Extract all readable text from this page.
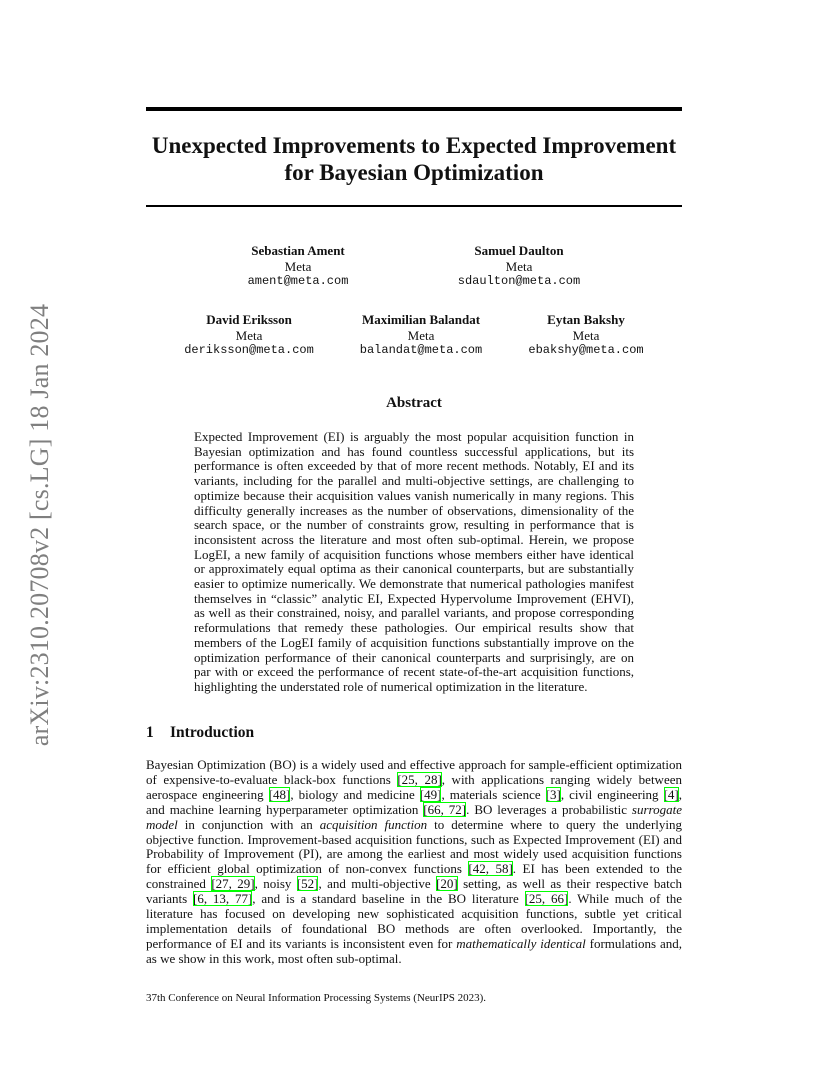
arXiv:2310.20708v2 [cs.LG] 18 Jan 2024
Unexpected Improvements to Expected Improvement
for Bayesian Optimization
Sebastian Ament
Meta
ament@meta.com
Samuel Daulton
Meta
sdaulton@meta.com
David Eriksson
Meta
deriksson@meta.com
Maximilian Balandat
Meta
balandat@meta.com
Eytan Bakshy
Meta
ebakshy@meta.com
Abstract
Expected Improvement (EI) is arguably the most popular acquisition function in Bayesian optimization and has found countless successful applications, but its performance is often exceeded by that of more recent methods. Notably, EI and its variants, including for the parallel and multi-objective settings, are challenging to optimize because their acquisition values vanish numerically in many regions. This difficulty generally increases as the number of observations, dimensionality of the search space, or the number of constraints grow, resulting in performance that is inconsistent across the literature and most often sub-optimal. Herein, we propose LogEI, a new family of acquisition functions whose members either have identical or approximately equal optima as their canonical counterparts, but are substantially easier to optimize numerically. We demonstrate that numerical pathologies manifest themselves in “classic” analytic EI, Expected Hypervolume Improvement (EHVI), as well as their constrained, noisy, and parallel variants, and propose corresponding reformulations that remedy these pathologies. Our empirical results show that members of the LogEI family of acquisition functions substantially improve on the optimization performance of their canonical counterparts and surprisingly, are on par with or exceed the performance of recent state-of-the-art acquisition functions, highlighting the understated role of numerical optimization in the literature.
1 Introduction
Bayesian Optimization (BO) is a widely used and effective approach for sample-efficient optimization of expensive-to-evaluate black-box functions [25, 28], with applications ranging widely between aerospace engineering [48], biology and medicine [49], materials science [3], civil engineering [4], and machine learning hyperparameter optimization [66, 72]. BO leverages a probabilistic surrogate model in conjunction with an acquisition function to determine where to query the underlying objective function. Improvement-based acquisition functions, such as Expected Improvement (EI) and Probability of Improvement (PI), are among the earliest and most widely used acquisition functions for efficient global optimization of non-convex functions [42, 58]. EI has been extended to the constrained [27, 29], noisy [52], and multi-objective [20] setting, as well as their respective batch variants [6, 13, 77], and is a standard baseline in the BO literature [25, 66]. While much of the literature has focused on developing new sophisticated acquisition functions, subtle yet critical implementation details of foundational BO methods are often overlooked. Importantly, the performance of EI and its variants is inconsistent even for mathematically identical formulations and, as we show in this work, most often sub-optimal.
37th Conference on Neural Information Processing Systems (NeurIPS 2023).
